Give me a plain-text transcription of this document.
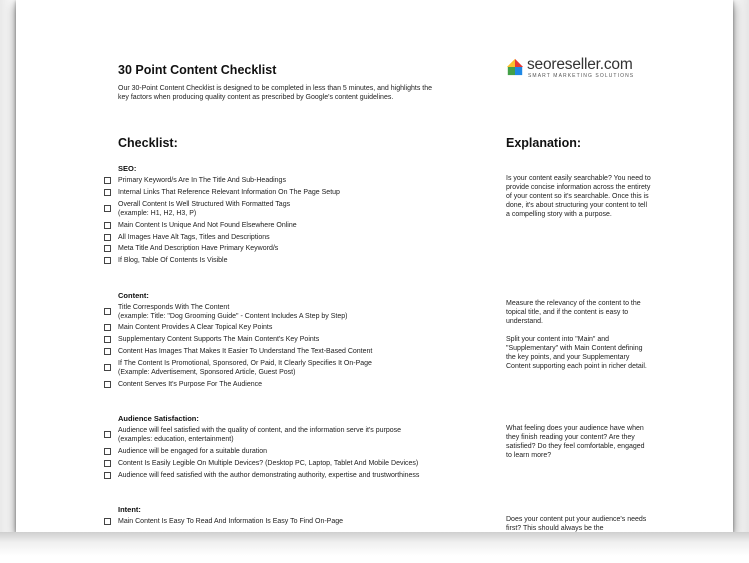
30 Point Content Checklist
Our 30-Point Content Checklist is designed to be completed in less than 5 minutes, and highlights the key factors when producing quality content as prescribed by Google's content guidelines.
seoreseller.com
SMART MARKETING SOLUTIONS
Checklist:	Explanation:
SEO:
Primary Keyword/s Are In The Title And Sub-Headings
Internal Links That Reference Relevant Information On The Page Setup
Overall Content Is Well Structured With Formatted Tags
(example: H1, H2, H3, P)
Main Content Is Unique And Not Found Elsewhere Online
All Images Have Alt Tags, Titles and Descriptions
Meta Title And Description Have Primary Keyword/s
If Blog, Table Of Contents Is Visible
Is your content easily searchable? You need to provide concise information across the entirety of your content so it's searchable. Once this is done, it's about structuring your content to tell a compelling story with a purpose.
Content:
Title Corresponds With The Content
(example: Title: "Dog Grooming Guide" - Content Includes A Step by Step)
Main Content Provides A Clear Topical Key Points
Supplementary Content Supports The Main Content's Key Points
Content Has Images That Makes It Easier To Understand The Text-Based Content
If The Content Is Promotional, Sponsored, Or Paid, It Clearly Specifies It On-Page
(Example: Advertisement, Sponsored Article, Guest Post)
Content Serves It's Purpose For The Audience
Measure the relevancy of the content to the topical title, and if the content is easy to understand.
Split your content into "Main" and "Supplementary" with Main Content defining the key points, and your Supplementary Content supporting each point in richer detail.
Audience Satisfaction:
Audience will feel satisfied with the quality of content, and the information serve it's purpose
(examples: education, entertainment)
Audience will be engaged for a suitable duration
Content Is Easily Legible On Multiple Devices? (Desktop PC, Laptop, Tablet And Mobile Devices)
Audience will feed satisfied with the author demonstrating authority, expertise and trustworthiness
What feeling does your audience have when they finish reading your content? Are they satisfied? Do they feel comfortable, engaged to learn more?
Intent:
Main Content Is Easy To Read And Information Is Easy To Find On-Page	Does your content put your audience's needs first? This should always be the
